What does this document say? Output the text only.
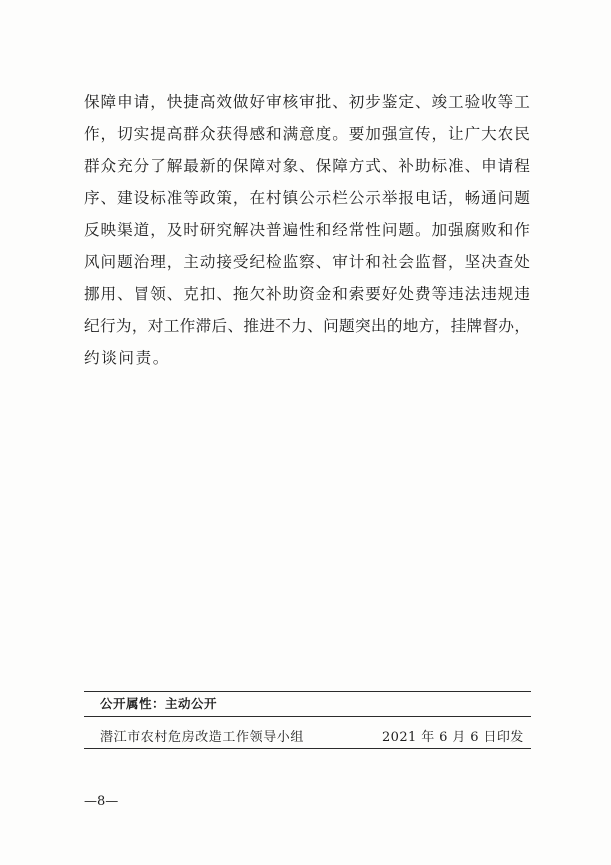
保 障 申 请 ， 快 捷 高 效 做 好 审 核 审 批 、 初 步 鉴 定 、 竣 工 验 收 等 工
作 ， 切 实 提 高 群 众 获 得 感 和 满 意 度 。 要 加 强 宣 传 ， 让 广 大 农 民
群 众 充 分 了 解 最 新 的 保 障 对 象 、 保 障 方 式 、 补 助 标 准 、 申 请 程
序 、 建 设 标 准 等 政 策 ， 在 村 镇 公 示 栏 公 示 举 报 电 话 ， 畅 通 问 题
反 映 渠 道 ， 及 时 研 究 解 决 普 遍 性 和 经 常 性 问 题 。 加 强 腐 败 和 作
风 问 题 治 理 ， 主 动 接 受 纪 检 监 察 、 审 计 和 社 会 监 督 ， 坚 决 查 处
挪 用 、 冒 领 、 克 扣 、 拖 欠 补 助 资 金 和 索 要 好 处 费 等 违 法 违 规 违
纪 行 为 ， 对 工 作 滞 后 、 推 进 不 力 、 问 题 突 出 的 地 方 ， 挂 牌 督 办 ，
约谈问责。
公开属性：主动公开
潜江市农村危房改造工作领导小组	2021 年 6 月 6 日印发
—8—
